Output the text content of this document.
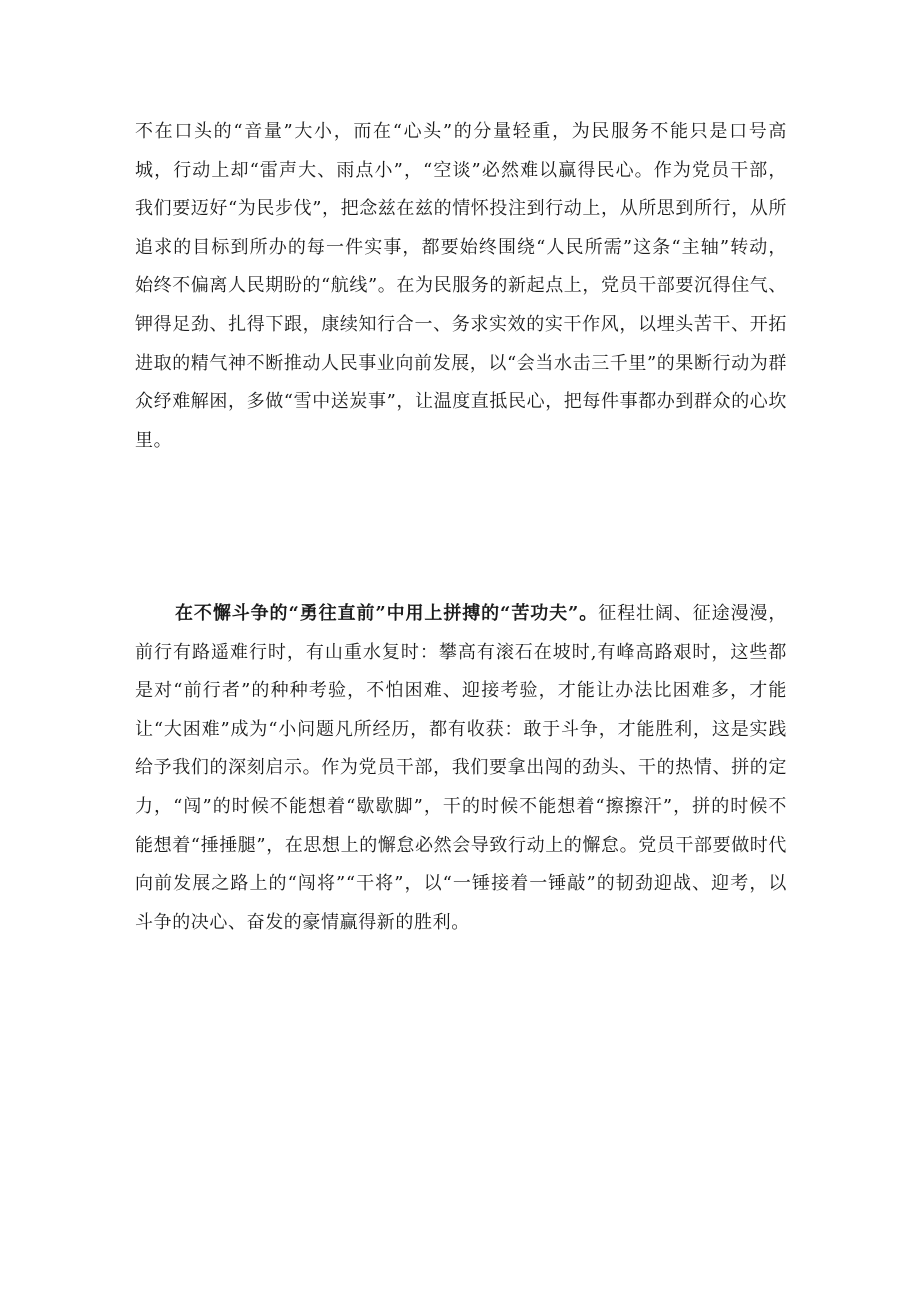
不在口头的“音量”大小，而在“心头”的分量轻重，为民服务不能只是口号高城，行动上却“雷声大、雨点小”，“空谈”必然难以赢得民心。作为党员干部，我们要迈好“为民步伐”，把念兹在兹的情怀投注到行动上，从所思到所行，从所追求的目标到所办的每一件实事，都要始终围绕“人民所需”这条“主轴”转动，始终不偏离人民期盼的“航线”。在为民服务的新起点上，党员干部要沉得住气、钾得足劲、扎得下跟，康续知行合一、务求实效的实干作风，以埋头苦干、开拓进取的精气神不断推动人民事业向前发展，以“会当水击三千里”的果断行动为群众纾难解困，多做“雪中送炭事”，让温度直抵民心，把每件事都办到群众的心坎里。

在不懈斗争的“勇往直前”中用上拼搏的“苦功夫”。征程壮阔、征途漫漫，前行有路遥难行时，有山重水复时：攀高有滚石在坡时,有峰高路艰时，这些都是对“前行者”的种种考验，不怕困难、迎接考验，才能让办法比困难多，才能让“大困难”成为“小问题凡所经历，都有收获：敢于斗争，才能胜利，这是实践给予我们的深刻启示。作为党员干部，我们要拿出闯的劲头、干的热情、拼的定力，“闯”的时候不能想着“歇歇脚”，干的时候不能想着“擦擦汗”，拼的时候不能想着“捶捶腿”，在思想上的懈怠必然会导致行动上的懈怠。党员干部要做时代向前发展之路上的“闯将”“干将”，以“一锤接着一锤敲”的韧劲迎战、迎考，以斗争的决心、奋发的豪情赢得新的胜利。
